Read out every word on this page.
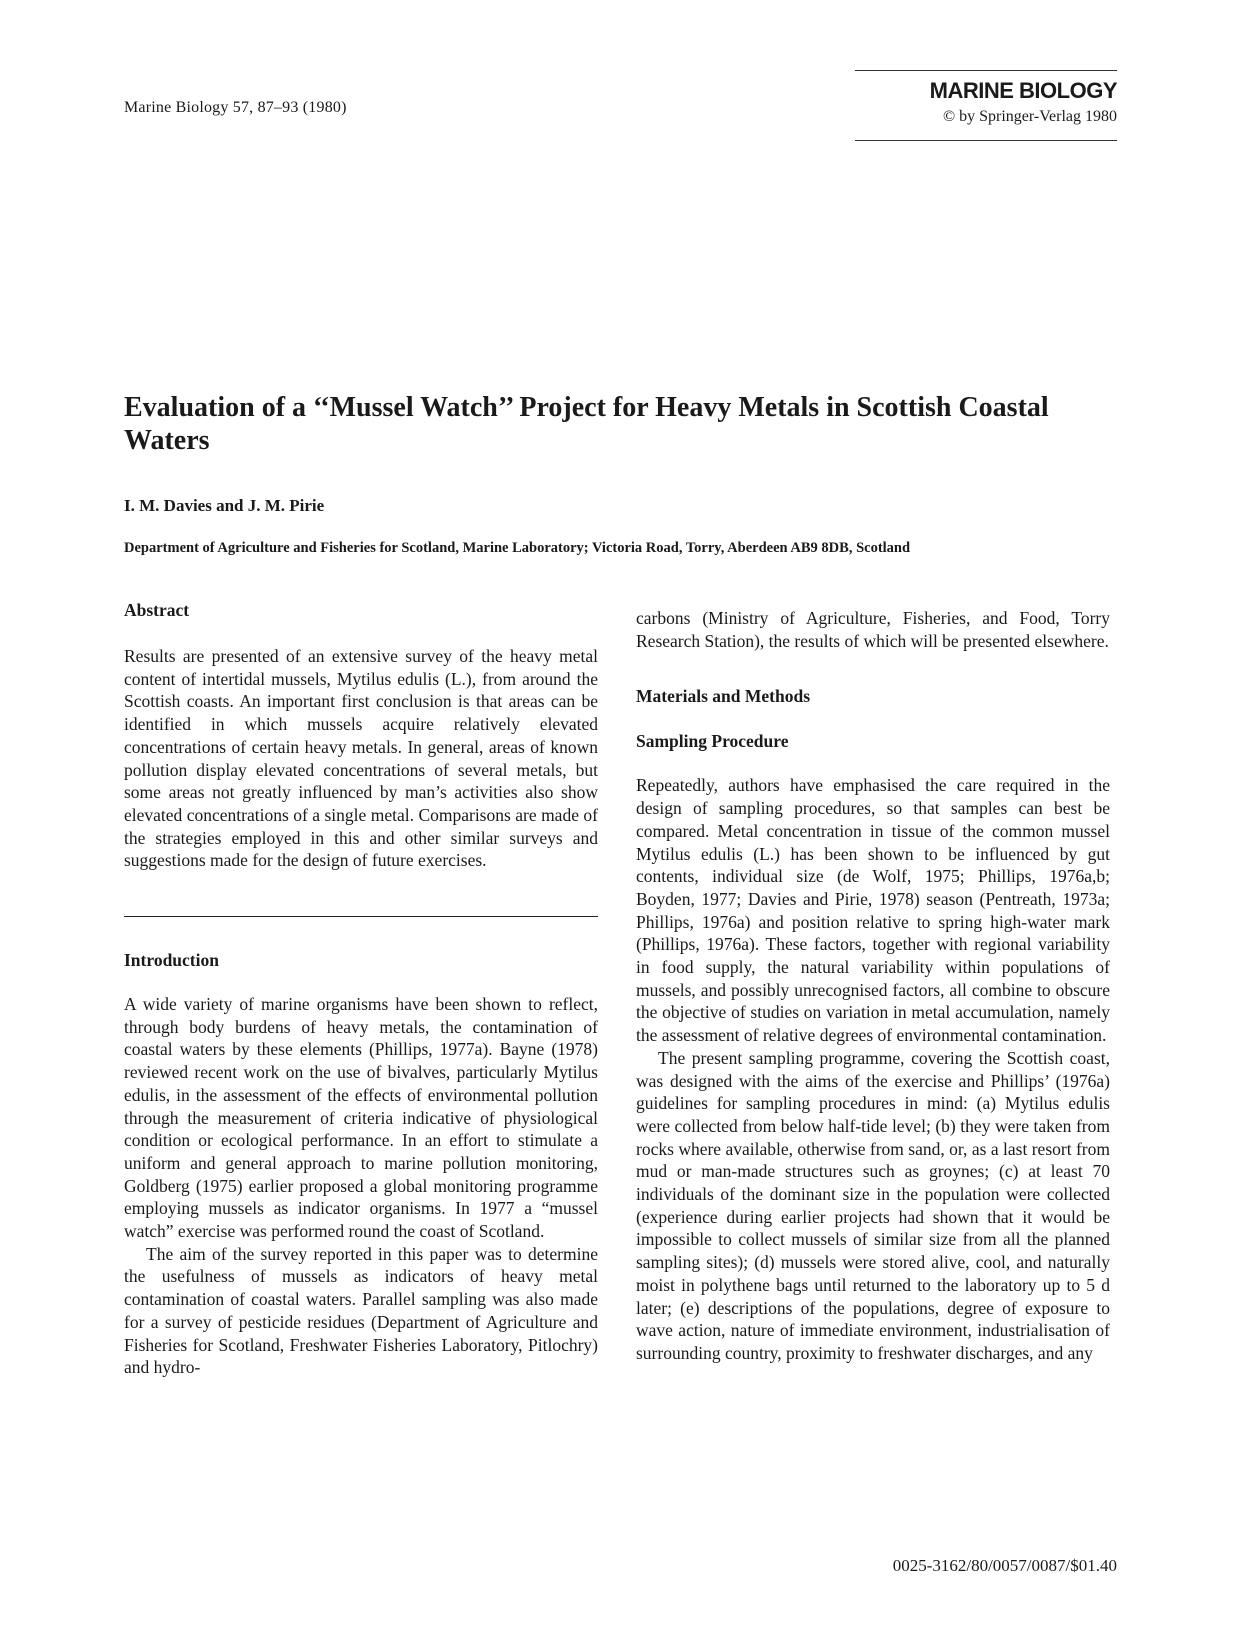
Marine Biology 57, 87–93 (1980)
MARINE BIOLOGY
© by Springer-Verlag 1980
Evaluation of a ‘‘Mussel Watch’’ Project for Heavy Metals in Scottish Coastal Waters
I. M. Davies and J. M. Pirie
Department of Agriculture and Fisheries for Scotland, Marine Laboratory; Victoria Road, Torry, Aberdeen AB9 8DB, Scotland
Abstract

Results are presented of an extensive survey of the heavy metal content of intertidal mussels, Mytilus edulis (L.), from around the Scottish coasts. An important first conclusion is that areas can be identified in which mussels acquire relatively elevated concentrations of certain heavy metals. In general, areas of known pollution display elevated concentrations of several metals, but some areas not greatly influenced by man’s activities also show elevated concentrations of a single metal. Comparisons are made of the strategies employed in this and other similar surveys and suggestions made for the design of future exercises.

Introduction

A wide variety of marine organisms have been shown to reflect, through body burdens of heavy metals, the contamination of coastal waters by these elements (Phillips, 1977a). Bayne (1978) reviewed recent work on the use of bivalves, particularly Mytilus edulis, in the assessment of the effects of environmental pollution through the measurement of criteria indicative of physiological condition or ecological performance. In an effort to stimulate a uniform and general approach to marine pollution monitoring, Goldberg (1975) earlier proposed a global monitoring programme employing mussels as indicator organisms. In 1977 a “mussel watch” exercise was performed round the coast of Scotland.

The aim of the survey reported in this paper was to determine the usefulness of mussels as indicators of heavy metal contamination of coastal waters. Parallel sampling was also made for a survey of pesticide residues (Department of Agriculture and Fisheries for Scotland, Freshwater Fisheries Laboratory, Pitlochry) and hydro-

carbons (Ministry of Agriculture, Fisheries, and Food, Torry Research Station), the results of which will be presented elsewhere.

Materials and Methods
Sampling Procedure

Repeatedly, authors have emphasised the care required in the design of sampling procedures, so that samples can best be compared. Metal concentration in tissue of the common mussel Mytilus edulis (L.) has been shown to be influenced by gut contents, individual size (de Wolf, 1975; Phillips, 1976a,b; Boyden, 1977; Davies and Pirie, 1978) season (Pentreath, 1973a; Phillips, 1976a) and position relative to spring high-water mark (Phillips, 1976a). These factors, together with regional variability in food supply, the natural variability within populations of mussels, and possibly unrecognised factors, all combine to obscure the objective of studies on variation in metal accumulation, namely the assessment of relative degrees of environmental contamination.

The present sampling programme, covering the Scottish coast, was designed with the aims of the exercise and Phillips’ (1976a) guidelines for sampling procedures in mind: (a) Mytilus edulis were collected from below half-tide level; (b) they were taken from rocks where available, otherwise from sand, or, as a last resort from mud or man-made structures such as groynes; (c) at least 70 individuals of the dominant size in the population were collected (experience during earlier projects had shown that it would be impossible to collect mussels of similar size from all the planned sampling sites); (d) mussels were stored alive, cool, and naturally moist in polythene bags until returned to the laboratory up to 5 d later; (e) descriptions of the populations, degree of exposure to wave action, nature of immediate environment, industrialisation of surrounding country, proximity to freshwater discharges, and any

0025-3162/80/0057/0087/$01.40
